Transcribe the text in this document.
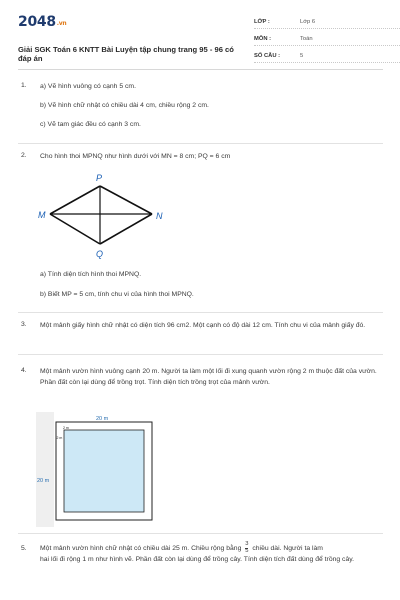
2048.vn
Giải SGK Toán 6 KNTT Bài Luyện tập chung trang 95 - 96 có đáp án
LỚP :	Lớp 6
MÔN :	Toán
SỐ CÂU :	5
1. a) Vẽ hình vuông có cạnh 5 cm.
b) Vẽ hình chữ nhật có chiều dài 4 cm, chiều rộng 2 cm.
c) Vẽ tam giác đều có cạnh 3 cm.
2. Cho hình thoi MPNQ như hình dưới với MN = 8 cm; PQ = 6 cm
P
M	N
Q
a) Tính diện tích hình thoi MPNQ.
b) Biết MP = 5 cm, tính chu vi của hình thoi MPNQ.
3. Một mảnh giấy hình chữ nhật có diện tích 96 cm2. Một cạnh có độ dài 12 cm. Tính chu vi của mảnh giấy đó.
4. Một mảnh vườn hình vuông cạnh 20 m. Người ta làm một lối đi xung quanh vườn rộng 2 m thuộc đất của vườn. Phần đất còn lại dùng để trồng trọt. Tính diện tích trồng trọt của mảnh vườn.
20 m
20 m
2 m
2 m
5. Một mảnh vườn hình chữ nhật có chiều dài 25 m. Chiều rộng bằng $\frac{3}{5}$ chiều dài. Người ta làm
hai lối đi rộng 1 m như hình vẽ. Phần đất còn lại dùng để trồng cây. Tính diện tích đất dùng để trồng cây.
